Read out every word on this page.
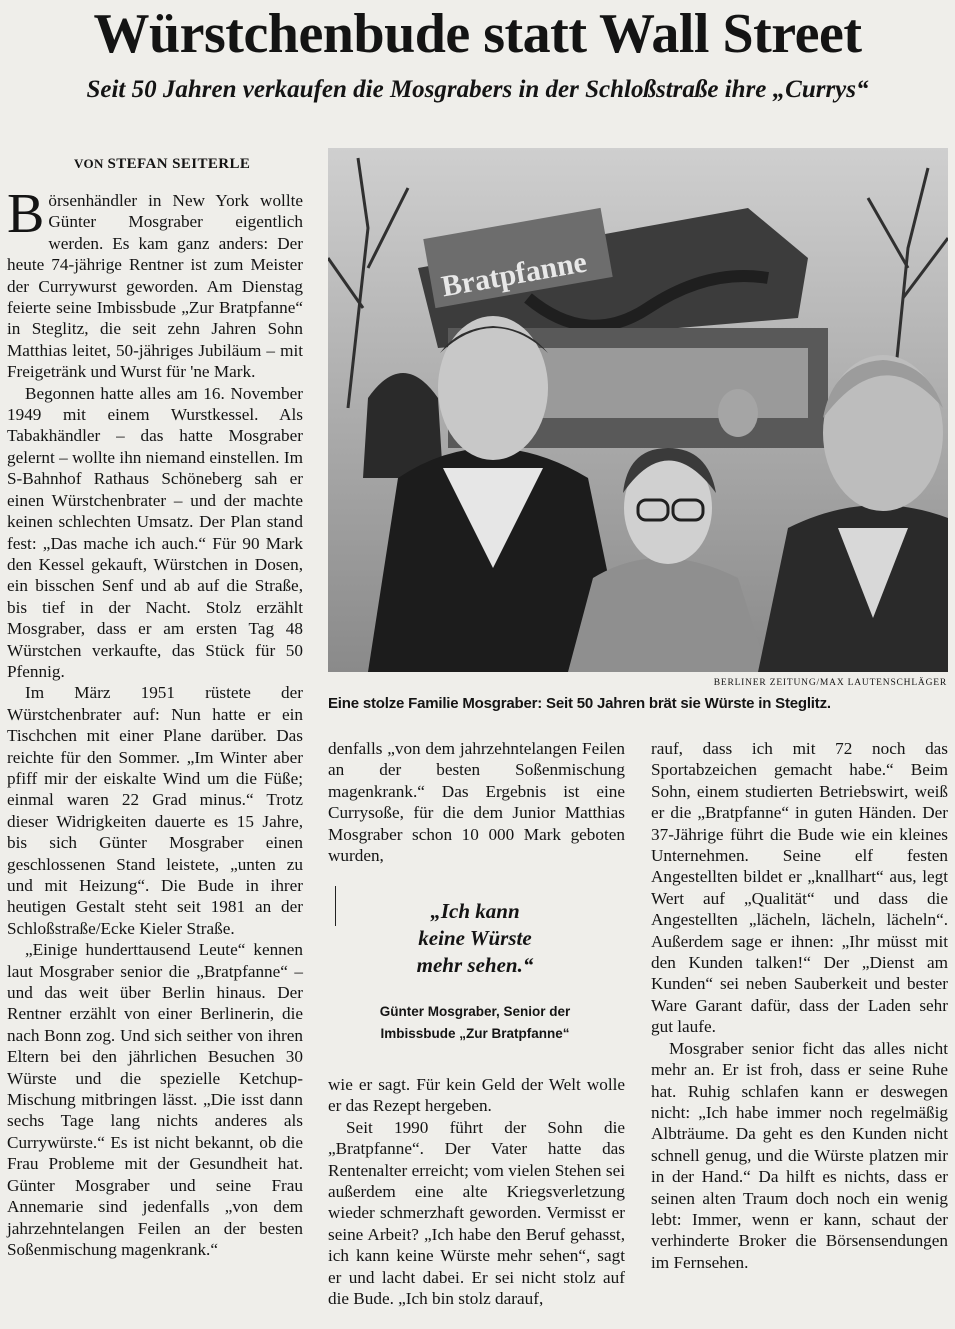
Würstchenbude statt Wall Street
Seit 50 Jahren verkaufen die Mosgrabers in der Schloßstraße ihre „Currys“
VON STEFAN SEITERLE

Börsenhändler in New York wollte Günter Mosgraber eigentlich werden. Es kam ganz anders: Der heute 74-jährige Rentner ist zum Meister der Currywurst geworden. Am Dienstag feierte seine Imbissbude „Zur Bratpfanne“ in Steglitz, die seit zehn Jahren Sohn Matthias leitet, 50-jähriges Jubiläum – mit Freigetränk und Wurst für 'ne Mark.

Begonnen hatte alles am 16. November 1949 mit einem Wurstkessel. Als Tabakhändler – das hatte Mosgraber gelernt – wollte ihn niemand einstellen. Im S-Bahnhof Rathaus Schöneberg sah er einen Würstchenbrater – und der machte keinen schlechten Umsatz. Der Plan stand fest: „Das mache ich auch.“ Für 90 Mark den Kessel gekauft, Würstchen in Dosen, ein bisschen Senf und ab auf die Straße, bis tief in der Nacht. Stolz erzählt Mosgraber, dass er am ersten Tag 48 Würstchen verkaufte, das Stück für 50 Pfennig.

Im März 1951 rüstete der Würstchenbrater auf: Nun hatte er ein Tischchen mit einer Plane darüber. Das reichte für den Sommer. „Im Winter aber pfiff mir der eiskalte Wind um die Füße; einmal waren 22 Grad minus.“ Trotz dieser Widrigkeiten dauerte es 15 Jahre, bis sich Günter Mosgraber einen geschlossenen Stand leistete, „unten zu und mit Heizung“. Die Bude in ihrer heutigen Gestalt steht seit 1981 an der Schloßstraße/Ecke Kieler Straße.

„Einige hunderttausend Leute“ kennen laut Mosgraber senior die „Bratpfanne“ – und das weit über Berlin hinaus. Der Rentner erzählt von einer Berlinerin, die nach Bonn zog. Und sich seither von ihren Eltern bei den jährlichen Besuchen 30 Würste und die spezielle Ketchup-Mischung mitbringen lässt. „Die isst dann sechs Tage lang nichts anderes als Currywürste.“ Es ist nicht bekannt, ob die Frau Probleme mit der Gesundheit hat. Günter Mosgraber und seine Frau Annemarie sind jedenfalls „von dem jahrzehntelangen Feilen an der besten Soßenmischung magenkrank.“

Bratpfanne
BERLINER ZEITUNG/MAX LAUTENSCHLÄGER
Eine stolze Familie Mosgraber: Seit 50 Jahren brät sie Würste in Steglitz.

denfalls „von dem jahrzehntelangen Feilen an der besten Soßenmischung magenkrank.“ Das Ergebnis ist eine Currysoße, für die dem Junior Matthias Mosgraber schon 10 000 Mark geboten wurden,

„Ich kann
keine Würste
mehr sehen.“
Günter Mosgraber, Senior der
Imbissbude „Zur Bratpfanne“

wie er sagt. Für kein Geld der Welt wolle er das Rezept hergeben.

Seit 1990 führt der Sohn die „Bratpfanne“. Der Vater hatte das Rentenalter erreicht; vom vielen Stehen sei außerdem eine alte Kriegsverletzung wieder schmerzhaft geworden. Vermisst er seine Arbeit? „Ich habe den Beruf gehasst, ich kann keine Würste mehr sehen“, sagt er und lacht dabei. Er sei nicht stolz auf die Bude. „Ich bin stolz darauf,

rauf, dass ich mit 72 noch das Sportabzeichen gemacht habe.“ Beim Sohn, einem studierten Betriebswirt, weiß er die „Bratpfanne“ in guten Händen. Der 37-Jährige führt die Bude wie ein kleines Unternehmen. Seine elf festen Angestellten bildet er „knallhart“ aus, legt Wert auf „Qualität“ und dass die Angestellten „lächeln, lächeln, lächeln“. Außerdem sage er ihnen: „Ihr müsst mit den Kunden talken!“ Der „Dienst am Kunden“ sei neben Sauberkeit und bester Ware Garant dafür, dass der Laden sehr gut laufe.

Mosgraber senior ficht das alles nicht mehr an. Er ist froh, dass er seine Ruhe hat. Ruhig schlafen kann er deswegen nicht: „Ich habe immer noch regelmäßig Albträume. Da geht es den Kunden nicht schnell genug, und die Würste platzen mir in der Hand.“ Da hilft es nichts, dass er seinen alten Traum doch noch ein wenig lebt: Immer, wenn er kann, schaut der verhinderte Broker die Börsensendungen im Fernsehen.
